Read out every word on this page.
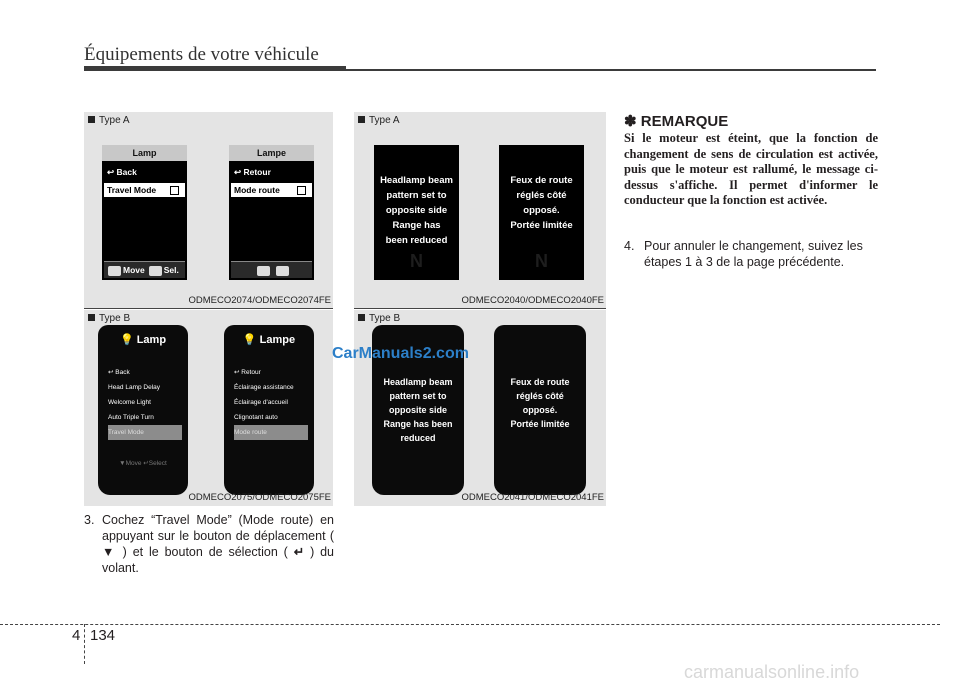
Équipements de votre véhicule
Type A
Lamp
↩ Back
Travel Mode
Move Sel.
Lampe
↩ Retour
Mode route
ODMECO2074/ODMECO2074FE
Type A
Headlamp beam
pattern set to
opposite side
Range has
been reduced
N
Feux de route
réglés côté
opposé.
Portée limitée
N
ODMECO2040/ODMECO2040FE
Type B
💡 Lamp
↩ Back
Head Lamp Delay
Welcome Light
Auto Triple Turn
Travel Mode
▼Move ↵Select
💡 Lampe
↩ Retour
Éclairage assistance
Éclairage d'accueil
Clignotant auto
Mode route
ODMECO2075/ODMECO2075FE
Type B
Headlamp beam
pattern set to
opposite side
Range has been
reduced
Feux de route
réglés côté
opposé.
Portée limitée
ODMECO2041/ODMECO2041FE
CarManuals2.com
3. Cochez “Travel Mode” (Mode route) en appuyant sur le bouton de déplacement ( ▼ ) et le bouton de sélection ( ↵ ) du volant.
✽ REMARQUE
Si le moteur est éteint, que la fonction de changement de sens de circulation est activée, puis que le moteur est rallumé, le message ci-dessus s'affiche. Il permet d'informer le conducteur que la fonction est activée.
4. Pour annuler le changement, suivez les étapes 1 à 3 de la page précédente.
4 134
carmanualsonline.info
